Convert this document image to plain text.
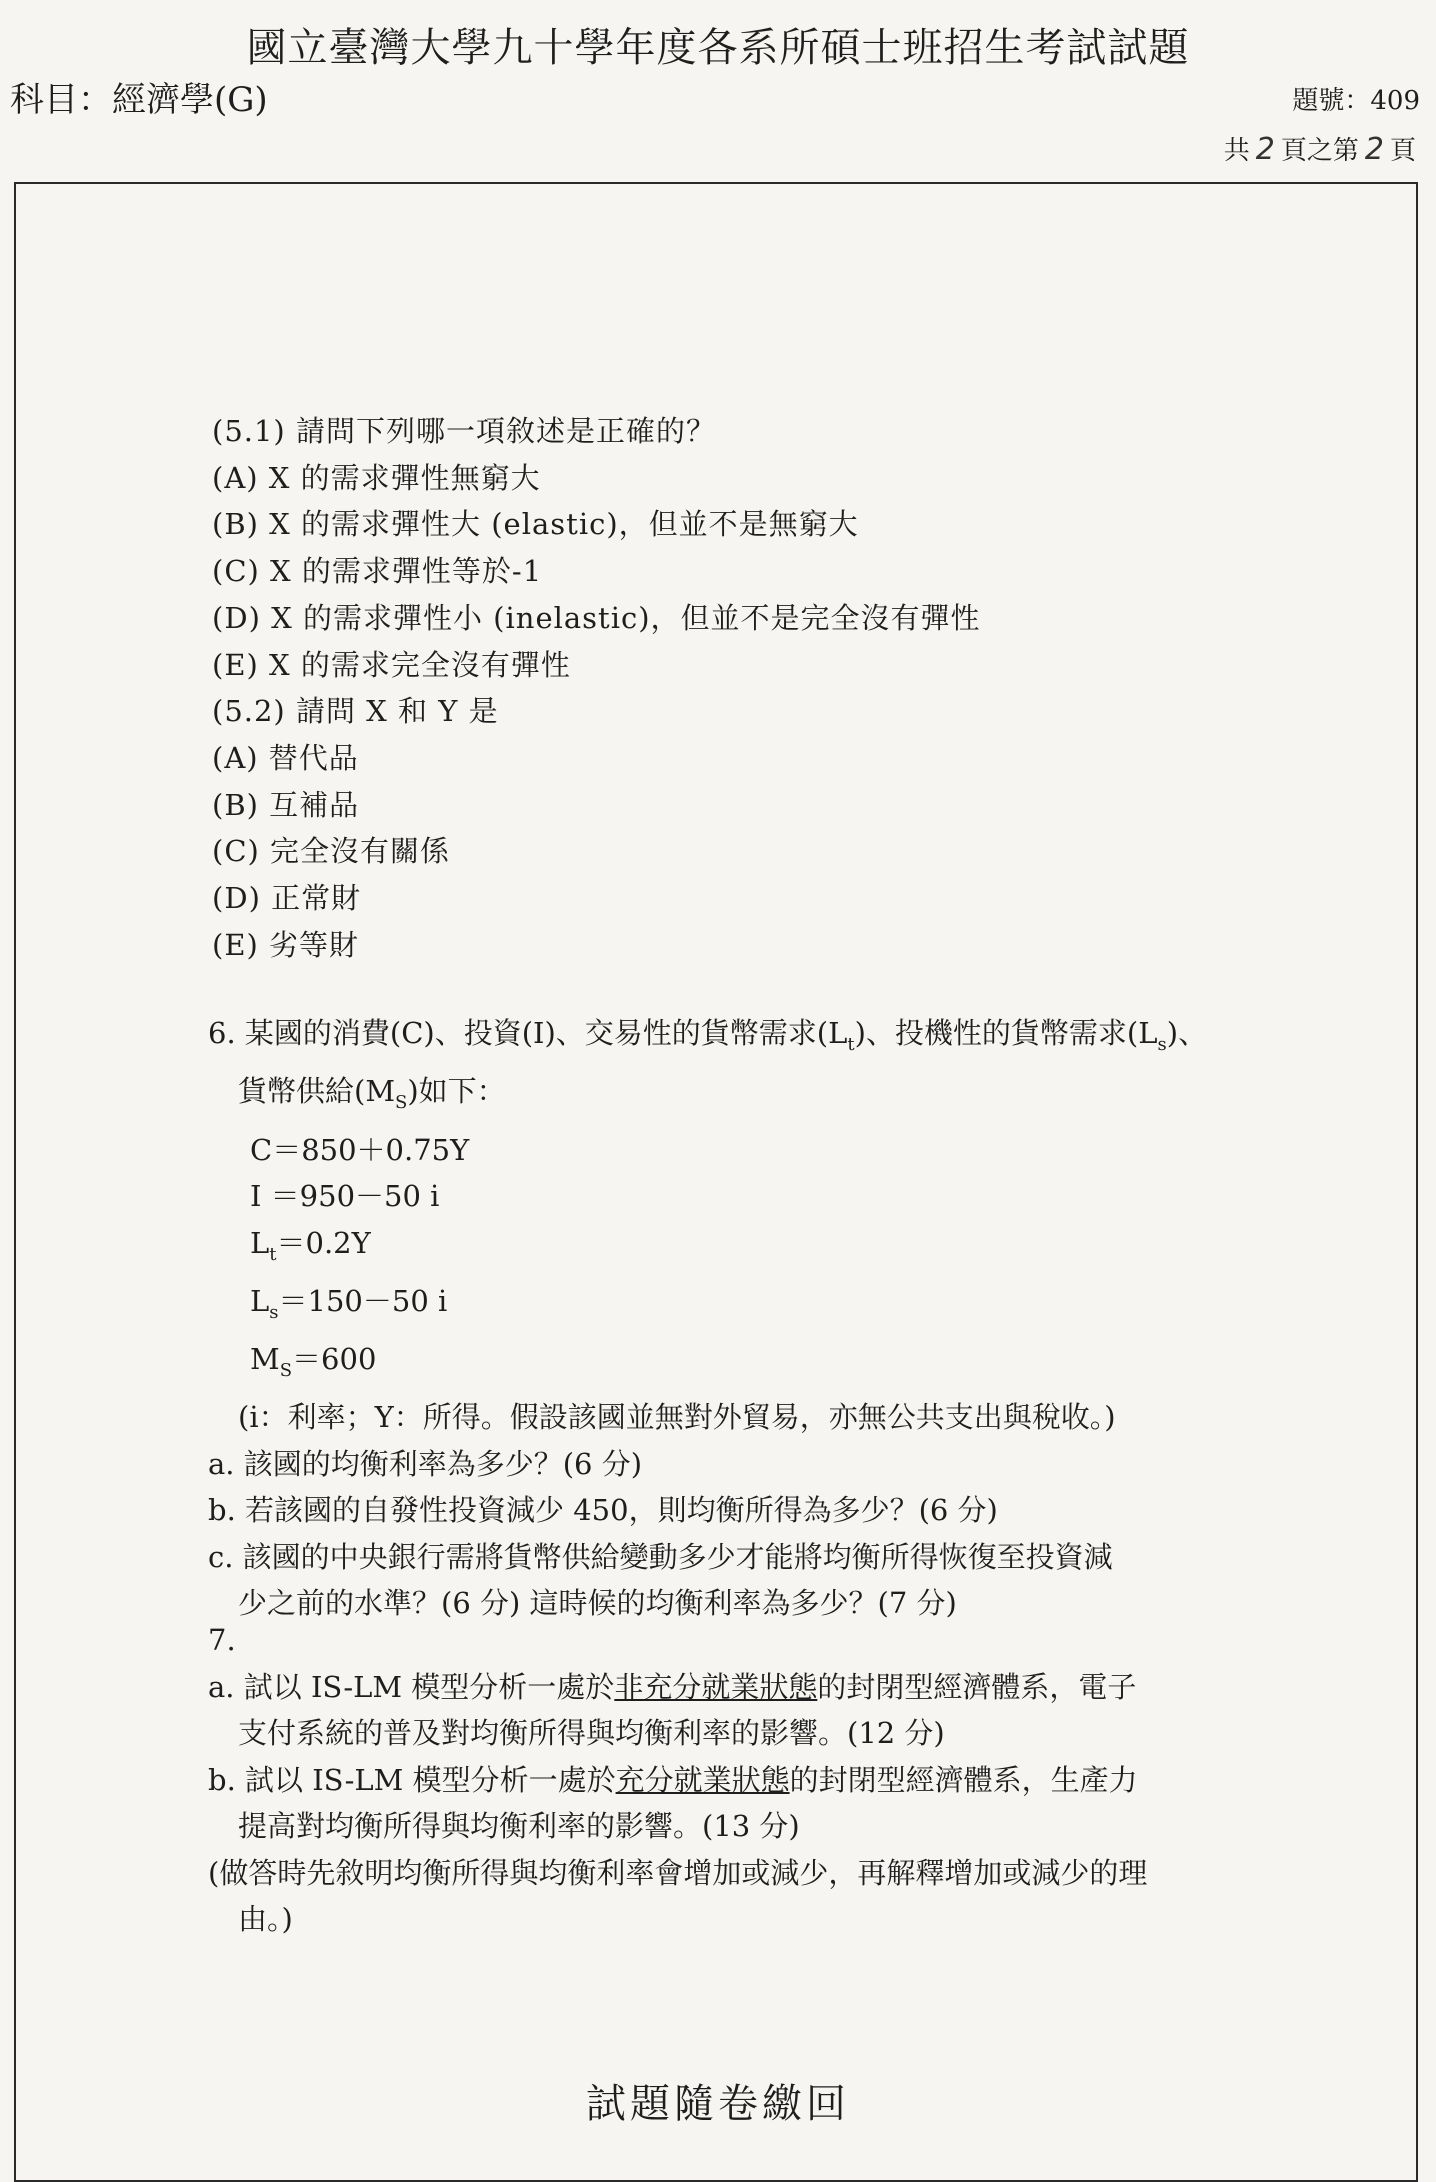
國立臺灣大學九十學年度各系所碩士班招生考試試題
科目：經濟學(G)	題號：409
共 2 頁之第 2 頁
(5.1) 請問下列哪一項敘述是正確的？
(A) X 的需求彈性無窮大
(B) X 的需求彈性大 (elastic)，但並不是無窮大
(C) X 的需求彈性等於-1
(D) X 的需求彈性小 (inelastic)，但並不是完全沒有彈性
(E) X 的需求完全沒有彈性
(5.2) 請問 X 和 Y 是
(A) 替代品
(B) 互補品
(C) 完全沒有關係
(D) 正常財
(E) 劣等財
6. 某國的消費(C)、投資(I)、交易性的貨幣需求$(L_t)$、投機性的貨幣需求$(L_s)$、
貨幣供給$(M_S)$如下：
C＝850＋0.75Y
I ＝950－50 i
$L_t=0.2Y$
$L_s=150-50$ i
$M_S=600$
(i：利率；Y：所得。假設該國並無對外貿易，亦無公共支出與稅收。)
a. 該國的均衡利率為多少？(6 分)
b. 若該國的自發性投資減少 450，則均衡所得為多少？(6 分)
c. 該國的中央銀行需將貨幣供給變動多少才能將均衡所得恢復至投資減
少之前的水準？(6 分) 這時候的均衡利率為多少？(7 分)
7.
a. 試以 IS-LM 模型分析一處於非充分就業狀態的封閉型經濟體系，電子
支付系統的普及對均衡所得與均衡利率的影響。(12 分)
b. 試以 IS-LM 模型分析一處於充分就業狀態的封閉型經濟體系，生產力
提高對均衡所得與均衡利率的影響。(13 分)
(做答時先敘明均衡所得與均衡利率會增加或減少，再解釋增加或減少的理
由。)
試題隨卷繳回
